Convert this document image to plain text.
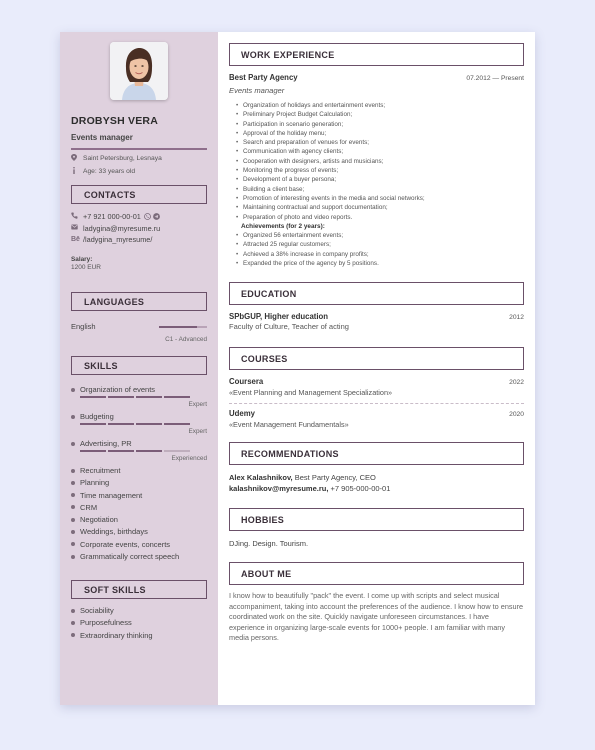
DROBYSH VERA
Events manager
Saint Petersburg, Lesnaya
Age: 33 years old
CONTACTS
+7 921 000-00-01
ladygina@myresume.ru
Bē /ladygina_myresume/
Salary:
1200 EUR
LANGUAGES
English
C1 - Advanced
SKILLS
Organization of events
Expert
Budgeting
Expert
Advertising, PR
Experienced
Recruitment
Planning
Time management
CRM
Negotiation
Weddings, birthdays
Corporate events, concerts
Grammatically correct speech
SOFT SKILLS
Sociability
Purposefulness
Extraordinary thinking
WORK EXPERIENCE
Best Party Agency	07.2012 — Present
Events manager
• Organization of holidays and entertainment events;
• Preliminary Project Budget Calculation;
• Participation in scenario generation;
• Approval of the holiday menu;
• Search and preparation of venues for events;
• Communication with agency clients;
• Cooperation with designers, artists and musicians;
• Monitoring the progress of events;
• Development of a buyer persona;
• Building a client base;
• Promotion of interesting events in the media and social networks;
• Maintaining contractual and support documentation;
• Preparation of photo and video reports.
Achievements (for 2 years):
• Organized 56 entertainment events;
• Attracted 25 regular customers;
• Achieved a 38% increase in company profits;
• Expanded the price of the agency by 5 positions.
EDUCATION
SPbGUP, Higher education	2012
Faculty of Culture, Teacher of acting
COURSES
Coursera	2022
«Event Planning and Management Specialization»
Udemy	2020
«Event Management Fundamentals»
RECOMMENDATIONS
Alex Kalashnikov, Best Party Agency, CEO
kalashnikov@myresume.ru, +7 905-000-00-01
HOBBIES
DJing. Design. Tourism.
ABOUT ME
I know how to beautifully "pack" the event. I come up with scripts and select musical accompaniment, taking into account the preferences of the audience. I know how to ensure coordinated work on the site. Quickly navigate unforeseen circumstances. I have experience in organizing large-scale events for 1000+ people. I am familiar with many media persons.
